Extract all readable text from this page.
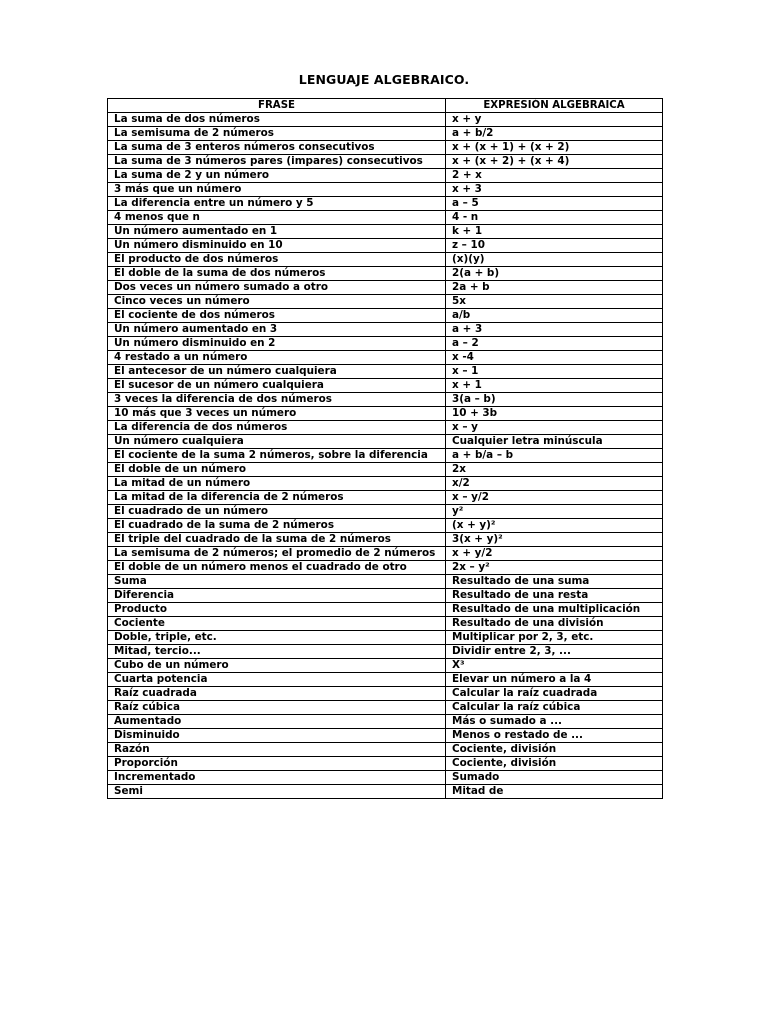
LENGUAJE ALGEBRAICO.
FRASE	EXPRESIÓN ALGEBRAICA
La suma de dos números	x + y
La semisuma de 2 números	a + b/2
La suma de 3 enteros números consecutivos	x + (x + 1) + (x + 2)
La suma de 3 números pares (impares) consecutivos	x + (x + 2) + (x + 4)
La suma de 2 y un número	2 + x
3 más que un número	x + 3
La diferencia entre un número y 5	a – 5
4 menos que n	4 - n
Un número aumentado en 1	k + 1
Un número disminuido en 10	z – 10
El producto de dos números	(x)(y)
El doble de la suma de dos números	2(a + b)
Dos veces un número sumado a otro	2a + b
Cinco veces un número	5x
El cociente de dos números	a/b
Un número aumentado en 3	a + 3
Un número disminuido en 2	a – 2
4 restado a un número	x -4
El antecesor de un número cualquiera	x – 1
El sucesor de un número cualquiera	x + 1
3 veces la diferencia de dos números	3(a – b)
10 más que 3 veces un número	10 + 3b
La diferencia de dos números	x – y
Un número cualquiera	Cualquier letra minúscula
El cociente de la suma 2 números, sobre la diferencia	a + b/a – b
El doble de un número	2x
La mitad de un número	x/2
La mitad de la diferencia de 2 números	x – y/2
El cuadrado de un número	y²
El cuadrado de la suma de 2 números	(x + y)²
El triple del cuadrado de la suma de 2 números	3(x + y)²
La semisuma de 2 números; el promedio de 2 números	x + y/2
El doble de un número menos el cuadrado de otro	2x – y²
Suma	Resultado de una suma
Diferencia	Resultado de una resta
Producto	Resultado de una multiplicación
Cociente	Resultado de una división
Doble, triple, etc.	Multiplicar por 2, 3, etc.
Mitad, tercio...	Dividir entre 2, 3, ...
Cubo de un número	X³
Cuarta potencia	Elevar un número a la 4
Raíz cuadrada	Calcular la raíz cuadrada
Raíz cúbica	Calcular la raíz cúbica
Aumentado	Más o sumado a ...
Disminuido	Menos o restado de ...
Razón	Cociente, división
Proporción	Cociente, división
Incrementado	Sumado
Semi	Mitad de
